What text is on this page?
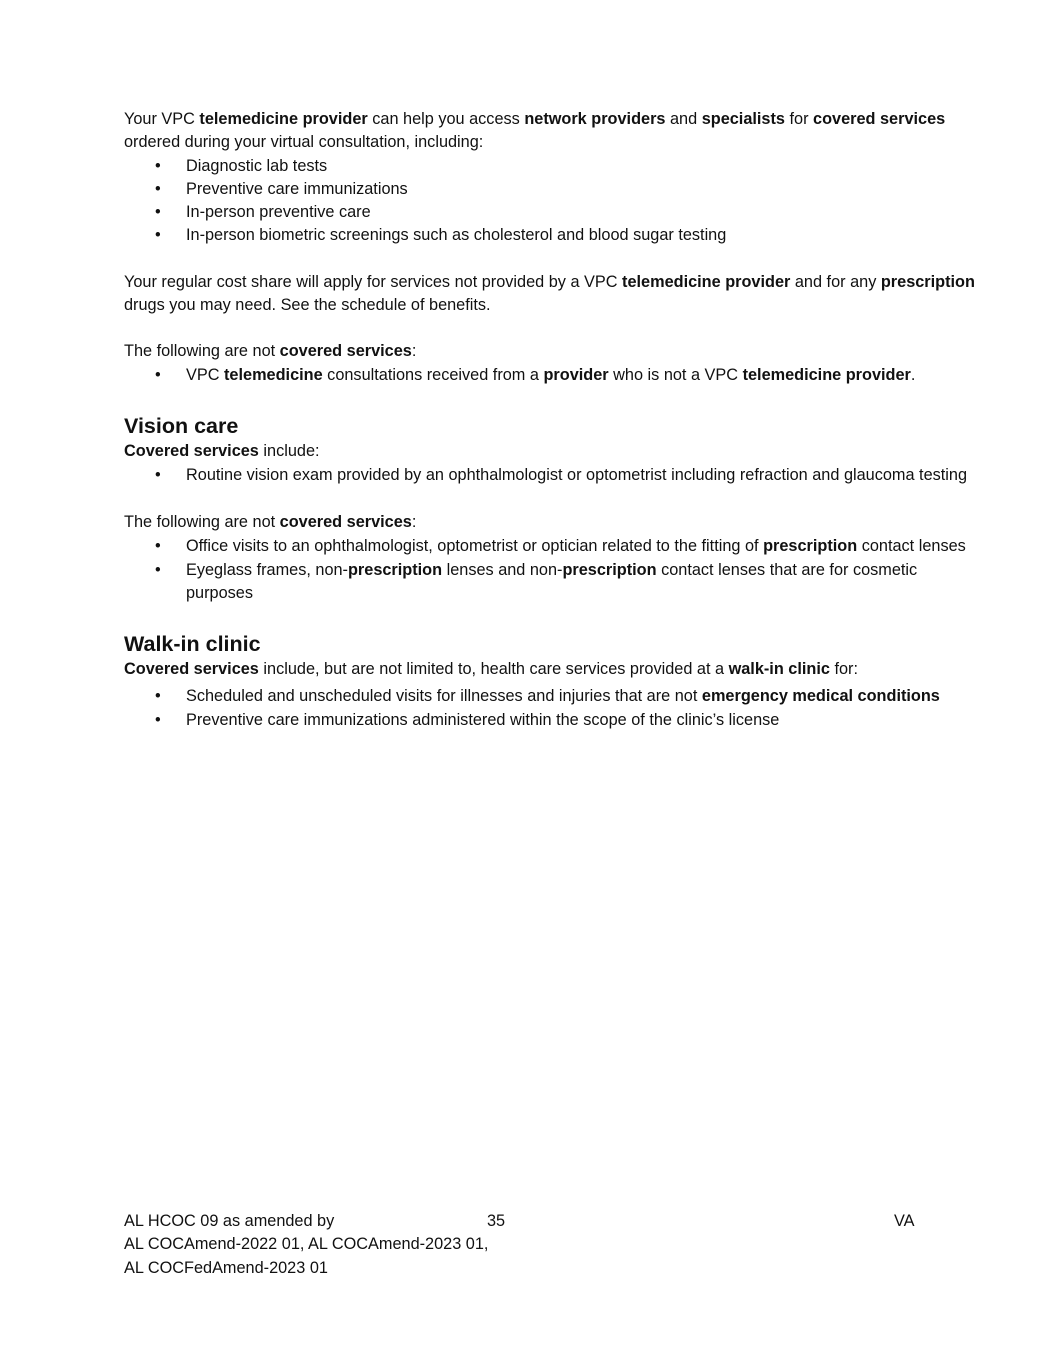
Your VPC telemedicine provider can help you access network providers and specialists for covered services ordered during your virtual consultation, including:

• Diagnostic lab tests
• Preventive care immunizations
• In-person preventive care
• In-person biometric screenings such as cholesterol and blood sugar testing

Your regular cost share will apply for services not provided by a VPC telemedicine provider and for any prescription drugs you may need. See the schedule of benefits.

The following are not covered services:

• VPC telemedicine consultations received from a provider who is not a VPC telemedicine provider.
Vision care

Covered services include:

• Routine vision exam provided by an ophthalmologist or optometrist including refraction and glaucoma testing

The following are not covered services:

• Office visits to an ophthalmologist, optometrist or optician related to the fitting of prescription contact lenses
• Eyeglass frames, non-prescription lenses and non-prescription contact lenses that are for cosmetic purposes
Walk-in clinic

Covered services include, but are not limited to, health care services provided at a walk-in clinic for:

• Scheduled and unscheduled visits for illnesses and injuries that are not emergency medical conditions
• Preventive care immunizations administered within the scope of the clinic’s license
AL HCOC 09 as amended by	35	VA
AL COCAmend-2022 01, AL COCAmend-2023 01,
AL COCFedAmend-2023 01
